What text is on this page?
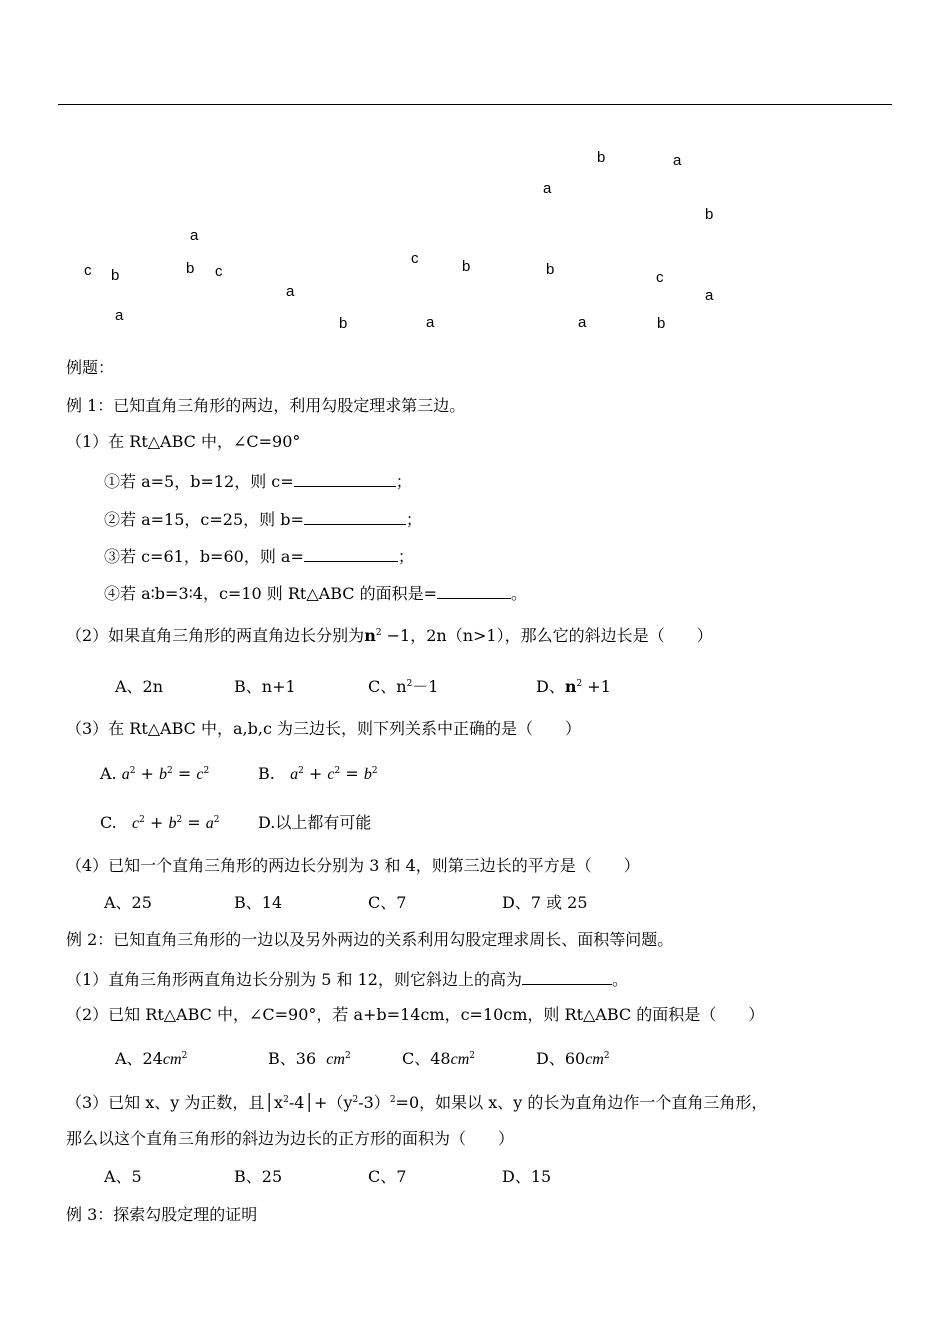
b	a
a
b
a
c b	b c
c	b	b	c
a
a
a	b	a	a	b
例题：
例 1：已知直角三角形的两边，利用勾股定理求第三边。
（1）在 Rt△ABC 中，∠C=90°
①若 a=5，b=12，则 c=	；
②若 a=15，c=25，则 b=	；
③若 c=61，b=60，则 a=	；
④若 a∶b=3∶4，c=10 则 Rt△ABC 的面积是=	。
（2）如果直角三角形的两直角边长分别为$n^2 -1$，2n（n>1），那么它的斜边长是（　　）
A、2n	B、n+1	C、$n^2-1$	D、$n^2 +1$
（3）在 Rt△ABC 中，a,b,c 为三边长，则下列关系中正确的是（　　）
A. $a^2 + b^2 = c^2$	B. $a^2 + c^2 = b^2$
C. $c^2 + b^2 = a^2$ D.以上都有可能
（4）已知一个直角三角形的两边长分别为 3 和 4，则第三边长的平方是（　　）
A、25	B、14	C、7	D、7 或 25
例 2：已知直角三角形的一边以及另外两边的关系利用勾股定理求周长、面积等问题。
（1）直角三角形两直角边长分别为 5 和 12，则它斜边上的高为	。
（2）已知 Rt△ABC 中，∠C=90°，若 a+b=14cm，c=10cm，则 Rt△ABC 的面积是（　　）
A、$24cm^2$	B、36 $cm^2$	C、$48cm^2$	D、$60cm^2$
（3）已知 x、y 为正数，且$│x^2-4│+(y^2-3)^2=0$，如果以 x、y 的长为直角边作一个直角三角形，
那么以这个直角三角形的斜边为边长的正方形的面积为（　　）
A、5	B、25	C、7	D、15
例 3：探索勾股定理的证明
